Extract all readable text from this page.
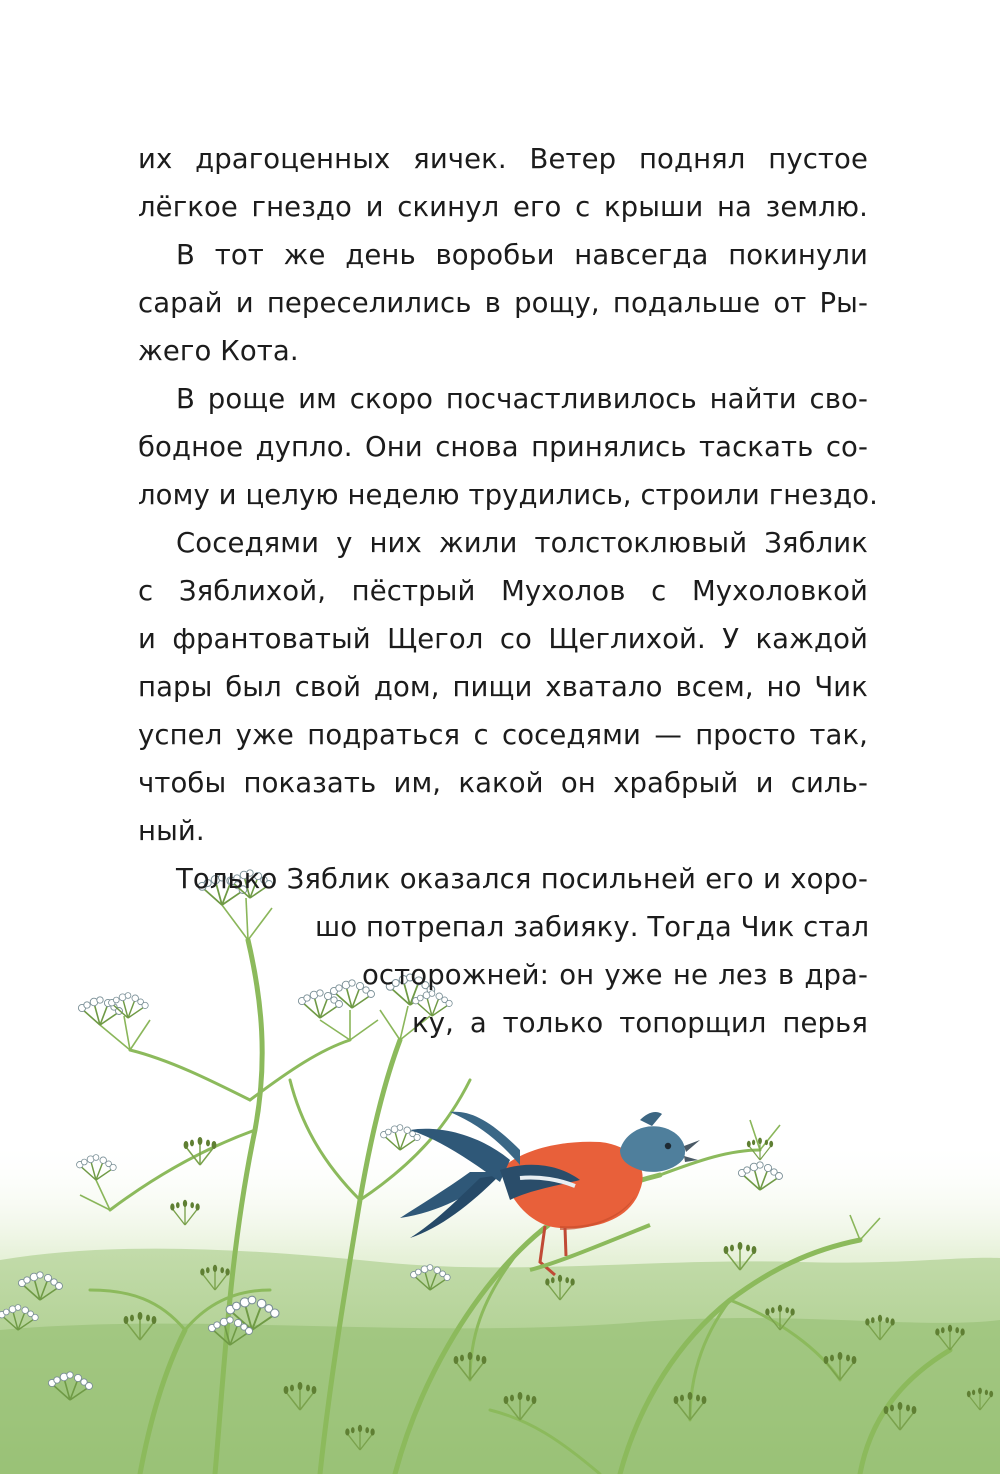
их драгоценных яичек. Ветер поднял пустое
лёгкое гнездо и скинул его с крыши на землю.
В тот же день воробьи навсегда покинули
сарай и переселились в рощу, подальше от Ры-
жего Кота.
В роще им скоро посчастливилось найти сво-
бодное дупло. Они снова принялись таскать со-
лому и целую неделю трудились, строили гнездо.
Соседями у них жили толстоклювый Зяблик
с Зяблихой, пёстрый Мухолов с Мухоловкой
и франтоватый Щегол со Щеглихой. У каждой
пары был свой дом, пищи хватало всем, но Чик
успел уже подраться с соседями — просто так,
чтобы показать им, какой он храбрый и силь-
ный.
Только Зяблик оказался посильней его и хоро-
шо потрепал забияку. Тогда Чик стал
осторожней: он уже не лез в дра-
ку, а только топорщил перья
